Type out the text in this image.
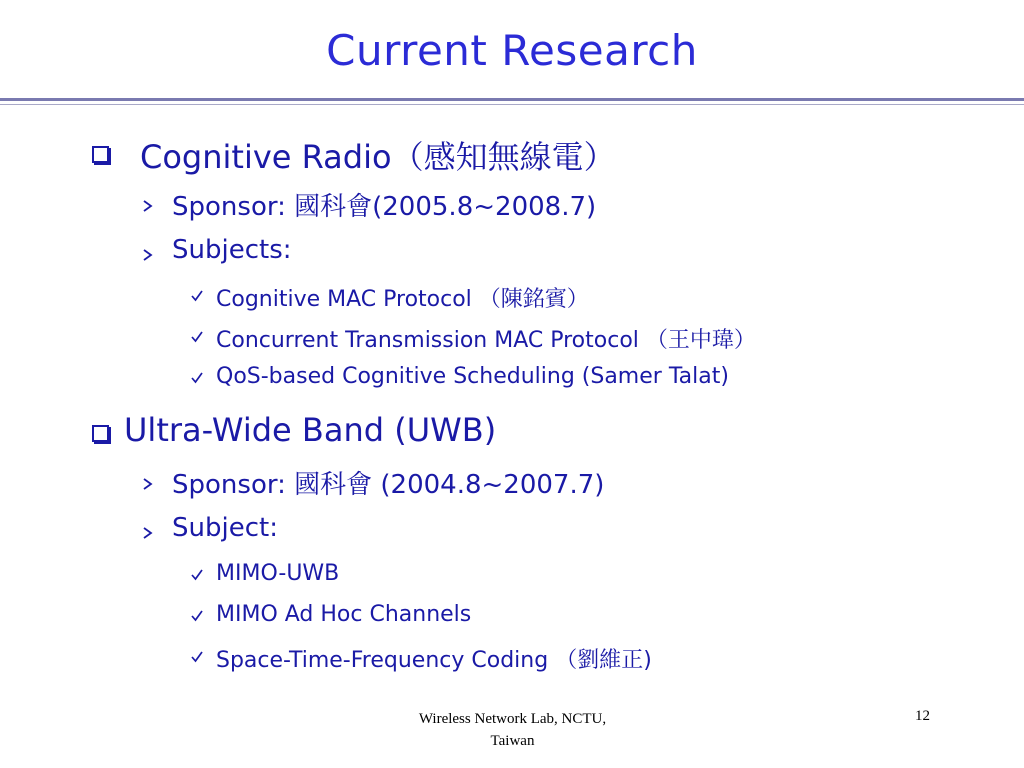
Current Research
Cognitive Radio（感知無線電）
Sponsor: 國科會(2005.8~2008.7)
Subjects:
Cognitive MAC Protocol （陳銘賓）
Concurrent Transmission MAC Protocol （王中瑋）
QoS-based Cognitive Scheduling (Samer Talat)
Ultra-Wide Band (UWB)
Sponsor: 國科會 (2004.8~2007.7)
Subject:
MIMO-UWB
MIMO Ad Hoc Channels
Space-Time-Frequency Coding （劉維正)
Wireless Network Lab, NCTU,
Taiwan
12
